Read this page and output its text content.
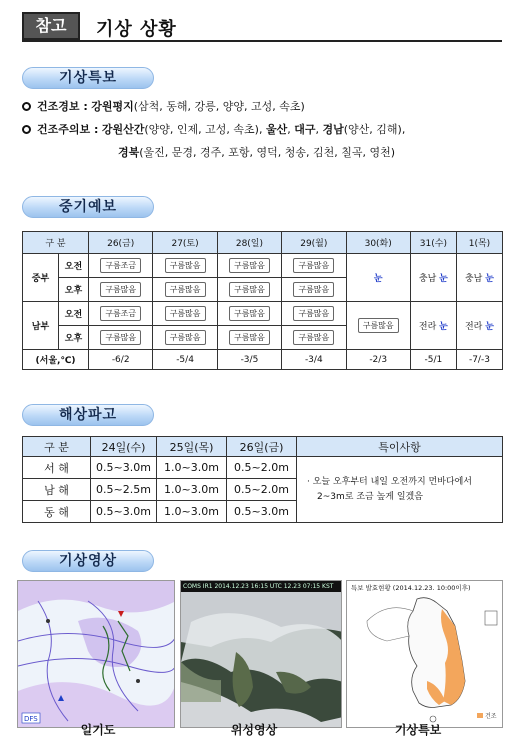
참고	기상 상황
기상특보
건조경보 : 강원평지(삼척, 동해, 강릉, 양양, 고성, 속초)
건조주의보 : 강원산간(양양, 인제, 고성, 속초), 울산, 대구, 경남(양산, 김해),
경북(울진, 문경, 경주, 포항, 영덕, 청송, 김천, 칠곡, 영천)
중기예보
구 분		26(금)	27(토)	28(일)	29(월)	30(화)	31(수)	1(목)
중부	오전	구름조금	구름많음	구름많음	구름많음	눈	충남 눈	충남 눈
	오후	구름많음	구름많음	구름많음	구름많음			
남부	오전	구름조금	구름많음	구름많음	구름많음	구름많음	전라 눈	전라 눈
	오후	구름많음	구름많음	구름많음	구름많음			
(서울,℃)		-6/2	-5/4	-3/5	-3/4	-2/3	-5/1	-7/-3
해상파고
구 분	24일(수)	25일(목)	26일(금)	특이사항
서 해	0.5~3.0m	1.0~3.0m	0.5~2.0m	· 오늘 오후부터 내일 오전까지 먼바다에서 2~3m로 조금 높게 일겠음
남 해	0.5~2.5m	1.0~3.0m	0.5~2.0m	
동 해	0.5~3.0m	1.0~3.0m	0.5~3.0m	
기상영상
DFS
COMS IR1 2014.12.23 16:15 UTC 12.23 07:15 KST	특보 발효현황 (2014.12.23. 10:00이후)
건조
일기도	위성영상	기상특보
